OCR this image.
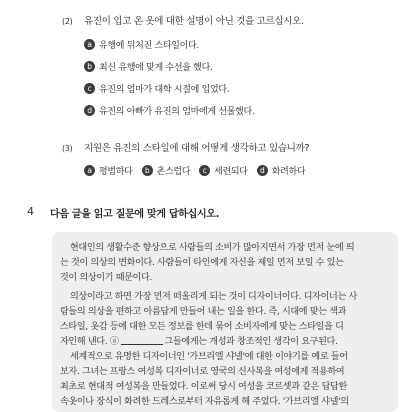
(2) 유진이 입고 온 옷에 대한 설명이 아닌 것을 고르십시오.
a 유행에 뒤처진 스타일이다.
b 최신 유행에 맞게 수선을 했다.
c 유진의 엄마가 대학 시절에 입었다.
d 유진의 아빠가 유진의 엄마에게 선물했다.
(3) 지원은 유진의 스타일에 대해 어떻게 생각하고 있습니까?
a 평범하다 b 촌스럽다 c 세련되다 d 화려하다
4 다음 글을 읽고 질문에 맞게 답하십시오.
현대인의 생활수준 향상으로 사람들의 소비가 많아지면서 가장 먼저 눈에 띄
는 것이 의상의 변화이다. 사람들이 타인에게 자신을 제일 먼저 보일 수 있는
것이 의상이기 때문이다.
의상이라고 하면 가장 먼저 떠올리게 되는 것이 디자이너이다. 디자이너는 사
람들의 의상을 편하고 아름답게 만들어 내는 일을 한다. 즉, 시대에 맞는 색과
스타일, 옷감 등에 대한 모든 정보를 한데 묶어 소비자에게 맞는 스타일을 디
자인해 낸다. ⓐ	그들에게는 개성과 창조적인 생각이 요구된다.
세계적으로 유명한 디자이너인 '가브리엘 샤넬'에 대한 이야기를 예로 들어
보자. 그녀는 프랑스 여성복 디자이너로 영국의 신사복을 여성에게 적용하여
최초로 현대적 여성복을 만들었다. 이로써 당시 여성을 코르셋과 같은 답답한
속옷이나 장식이 화려한 드레스로부터 자유롭게 해 주었다. '가브리엘 샤넬'의
